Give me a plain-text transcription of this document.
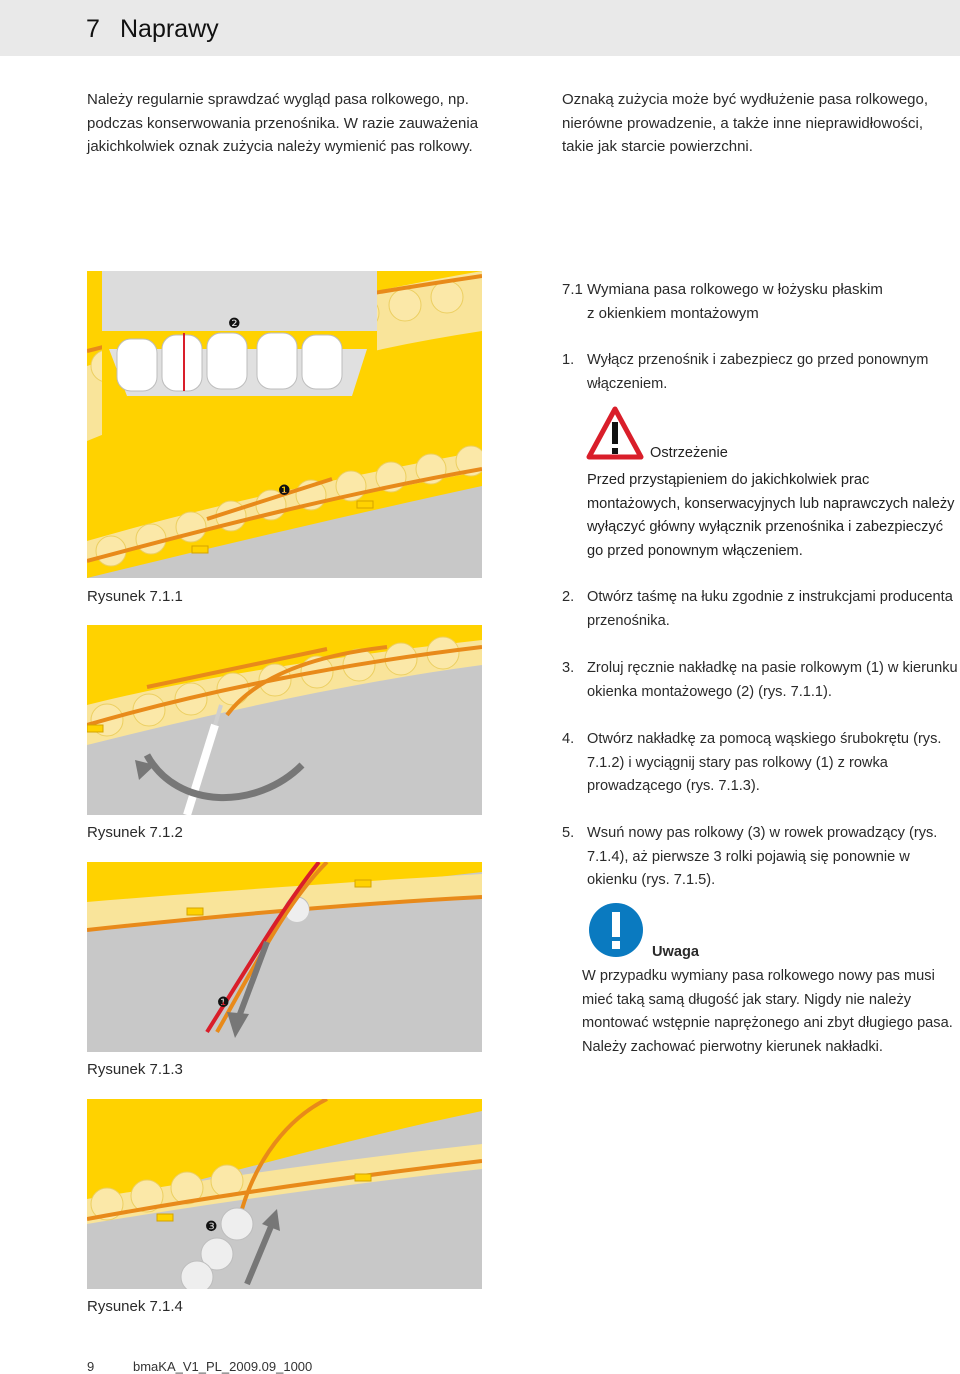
7 Naprawy

Należy regularnie sprawdzać wygląd pasa rolkowego, np. podczas konserwowania przenośnika. W razie zauważenia jakichkolwiek oznak zużycia należy wymienić pas rolkowy.

Oznaką zużycia może być wydłużenie pasa rolkowego, nierówne prowadzenie, a także inne nieprawidłowości, takie jak starcie powierzchni.

❷
❶
Rysunek 7.1.1
Rysunek 7.1.2
❶
Rysunek 7.1.3
❸
Rysunek 7.1.4

7.1 Wymiana pasa rolkowego w łożysku płaskim

z okienkiem montażowym

1. Wyłącz przenośnik i zabezpiecz go przed ponownym włączeniem.
Ostrzeżenie
Przed przystąpieniem do jakichkolwiek prac montażowych, konserwacyjnych lub naprawczych należy wyłączyć główny wyłącznik przenośnika i zabezpieczyć go przed ponownym włączeniem.
2. Otwórz taśmę na łuku zgodnie z instrukcjami producenta przenośnika.
3. Zroluj ręcznie nakładkę na pasie rolkowym (1) w kierunku okienka montażowego (2) (rys. 7.1.1).
4. Otwórz nakładkę za pomocą wąskiego śrubokrętu (rys. 7.1.2) i wyciągnij stary pas rolkowy (1) z rowka prowadzącego (rys. 7.1.3).
5. Wsuń nowy pas rolkowy (3) w rowek prowadzący (rys. 7.1.4), aż pierwsze 3 rolki pojawią się ponownie w okienku (rys. 7.1.5).
Uwaga
W przypadku wymiany pasa rolkowego nowy pas musi mieć taką samą długość jak stary. Nigdy nie należy montować wstępnie naprężonego ani zbyt długiego pasa. Należy zachować pierwotny kierunek nakładki.
9	bmaKA_V1_PL_2009.09_1000
